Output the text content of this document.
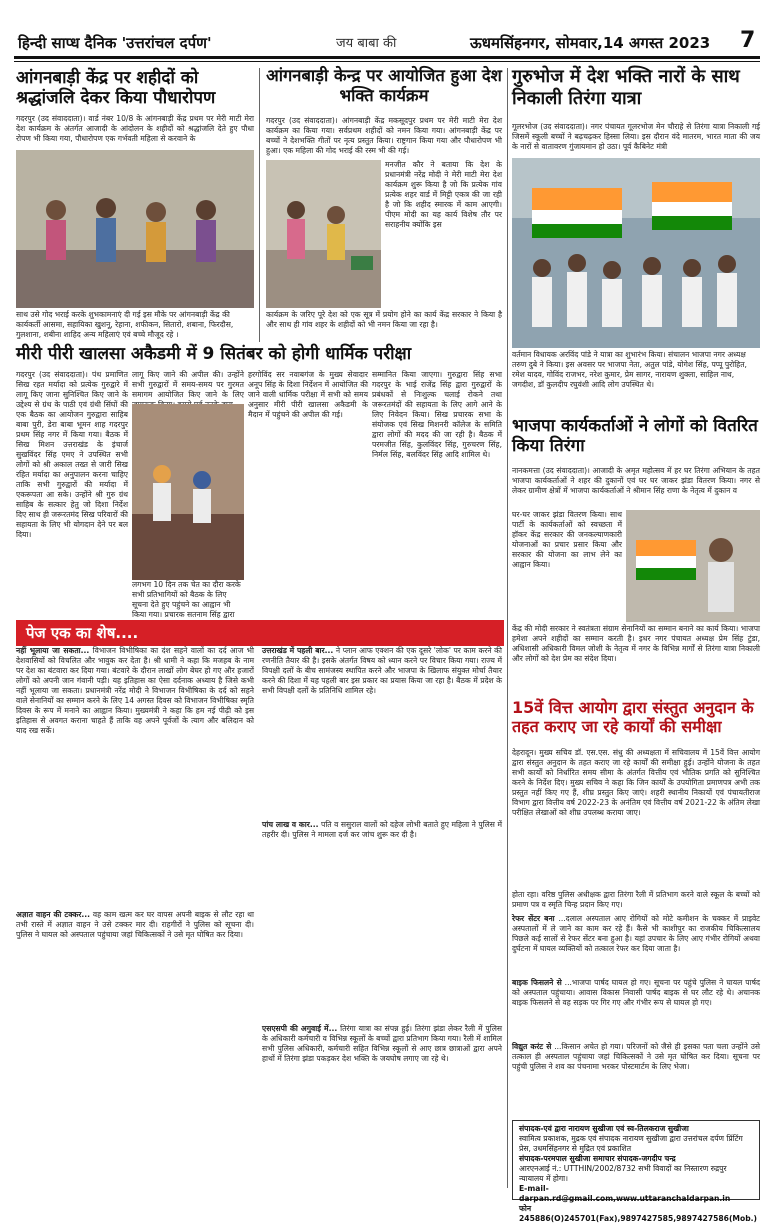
हिन्दी साप्ध दैनिक 'उत्तरांचल दर्पण'	जय बाबा की	ऊधमसिंहनगर, सोमवार,14 अगस्त 2023 7
आंगनबाड़ी केंद्र पर शहीदों को श्रद्धांजलि देकर किया पौधारोपण
गदरपुर (उद संवाददाता)। वार्ड नंबर 10/8 के आंगनबाड़ी केंद्र प्रथम पर मेरी माटी मेरा देश कार्यक्रम के अंतर्गत आजादी के आंदोलन के शहीदों को श्रद्धांजलि देते हुए पौधा रोपण भी किया गया, पौधारोपण एक गर्भवती महिला से करवाने के
साथ उसे गोद भराई करके शुभकामनाएं दी गई इस मौके पर आंगनबाड़ी केंद्र की कार्यकर्ती आसमा, सहायिका खुशनू, रेहाना, शफीकन, सितारो, शबाना, फिरदौस, गुलशाना, शबीना शाहिद अन्य महिलाएं एवं बच्चे मौजूद रहे ।
आंगनबाड़ी केन्द्र पर आयोजित हुआ देश भक्ति कार्यक्रम
गदरपुर (उद संवाददाता)। आंगनबाड़ी केंद्र मकसूदपुर प्रथम पर मेरी माटी मेरा देश कार्यक्रम का किया गया। सर्वप्रथम शहीदों को नमन किया गया। आंगनबाड़ी केंद्र पर बच्चों ने देशभक्ति गीतों पर नृत्य प्रस्तुत किया। राष्ट्रगान किया गया और पौधारोपण भी हुआ। एक महिला की गोद भराई की रस्म भी की गई।
मनजीत कौर ने बताया कि देश के प्रधानमंत्री नरेंद्र मोदी ने मेरी माटी मेरा देश कार्यक्रम शुरू किया है जो कि प्रत्येक गांव प्रत्येक शहर वार्ड में मिट्टी एकत्र की जा रही है जो कि शहीद स्मारक में काम आएगी। पीएम मोदी का यह कार्य विशेष तौर पर सराहनीय क्योंकि इस
कार्यक्रम के जरिए पूरे देश को एक सूत्र में प्रयोग होने का कार्य केंद्र सरकार ने किया है और साथ ही गांव शहर के शहीदों को भी नमन किया जा रहा है।
गुरुभोज में देश भक्ति नारों के साथ निकाली तिरंगा यात्रा
गूलरभोज (उद संवाददाता)। नगर पंचायत गूलरभोज मेन चौराहे से तिरंगा यात्रा निकाली गई जिसमें स्कूली बच्चों ने बढ़चढ़कर हिस्सा लिया। इस दौरान वंदे मातरम, भारत माता की जय के नारों से वातावरण गुंजायमान हो उठा। पूर्व कैबिनेट मंत्री
वर्तमान विधायक अरविंद पांडे ने यात्रा का शुभारंभ किया। संचालन भाजपा नगर अध्यक्ष तरुण दुबे ने किया। इस अवसर पर भाजपा नेता, अतुल पांडे, योगेश सिंह, पप्पू पुरोहित, रमेश यादव, गोविंद राजभर, नरेश कुमार, प्रेम सागर, नारायण शुक्ला, साहिल नाथ, जगदीश, डॉ कुलदीप रघुवंशी आदि लोग उपस्थित थे।
मीरी पीरी खालसा अकैडमी में 9 सितंबर को होगी धार्मिक परीक्षा
गदरपुर (उद संवाददाता)। पंथ प्रमाणित सिख रहत मर्यादा को प्रत्येक गुरुद्वारे में लागू किए जाना सुनिश्चित किए जाने के उद्देश्य से ग्रंथ के पाठी एवं ग्रंथी सिंघों की एक बैठक का आयोजन गुरुद्वारा साहिब बाबा पुरी, डेरा बाबा भूमन शाह गदरपुर प्रथम सिंह नगर में किया गया। बैठक में सिख मिशन उत्तराखंड के इंचार्ज सुखविंदर सिंह एमए ने उपस्थित सभी लोगों को श्री अकाल तख्त से जारी सिख रहित मर्यादा का अनुपालन करना चाहिए ताकि सभी गुरुद्वारों की मर्यादा में एकरूपता आ सके। उन्होंने श्री गुरु ग्रंथ साहिब के सत्कार हेतु जो दिशा निर्देश दिए साथ ही जरूरतमंद सिख परिवारों की सहायता के लिए भी योगदान देने पर बल दिया।
लागू किए जाने की अपील की। उन्होंने सभी गुरुद्वारों में समय-समय पर गुरमत समागम आयोजित किए जाने के लिए
लगभग 10 दिन तक चेत का दौरा करके सभी प्रतिभागियों को बैठक के लिए सूचना देते हुए पहुंचने का आह्वान भी किया गया। प्रचारक सतनाम सिंह द्वारा
हरगोविंद सर नवाबगंज के मुख्य सेवादार अनूप सिंह के दिशा निर्देशन में आयोजित की जाने वाली धार्मिक परीक्षा में सभी को समय अनुसार मीरी पीरी खालसा अकैडमी के मैदान में पहुंचने की अपील की गई।
सम्मानित किया जाएगा। गुरुद्वारा सिंह सभा गदरपुर के भाई राजेंद्र सिंह द्वारा गुरुद्वारों के प्रबंधकों से निःशुल्क चलाई रोकने तथा जरूरतमंदों की सहायता के लिए आगे आने के लिए निवेदन किया। सिख प्रचारक सभा के संयोजक एवं सिख मिशनरी कॉलेज के समिति द्वारा लोगों की मदद की जा रही है। बैठक में परमजीत सिंह, कुलविंदर सिंह, गुरुचरण सिंह, निर्मल सिंह, बलविंदर सिंह आदि शामिल थे।
भाजपा कार्यकर्ताओं ने लोगों को वितरित किया तिरंगा
नानकमत्ता (उद संवाददाता)। आजादी के अमृत महोत्सव में हर घर तिरंगा अभियान के तहत भाजपा कार्यकर्ताओं ने शहर की दुकानों एवं घर घर जाकर झंडा वितरण किया। नगर से लेकर ग्रामीण क्षेत्रों में भाजपा कार्यकर्ताओं ने श्रीमान सिंह राणा के नेतृत्व में दुकान व
घर-घर जाकर झंडा वितरण किया। साथ पार्टी के कार्यकर्ताओं को स्वच्छता में हॉकर केंद्र सरकार की जनकल्याणकारी योजनाओं का प्रचार प्रसार किया और सरकार की योजना का लाभ लेने का आह्वान किया।
केंद्र की मोदी सरकार ने स्वतंत्रता संग्राम सेनानियों का सम्मान बनाने का कार्य किया। भाजपा हमेशा अपने शहीदों का सम्मान करती है। इधर नगर पंचायत अध्यक्ष प्रेम सिंह टुंडा, अधिशासी अधिकारी विमल जोशी के नेतृत्व में नगर के विभिन्न मार्गों से तिरंगा यात्रा निकाली और लोगों को देश प्रेम का संदेश दिया।
पेज एक का शेष....
नहीं भूलाया जा सकता... विभाजन विभीषिका का दंश सहने वालों का दर्द आज भी देशवासियों को विचलित और भावुक कर देता है। श्री धामी ने कहा कि मजहब के नाम पर देश का बंटवारा कर दिया गया। बंटवारे के दौरान लाखों लोग बेघर हो गए और हजारों लोगों को अपनी जान गंवानी पड़ी। यह इतिहास का ऐसा दर्दनाक अध्याय है जिसे कभी नहीं भूलाया जा सकता। प्रधानमंत्री नरेंद्र मोदी ने विभाजन विभीषिका के दर्द को सहने वाले सेनानियों का सम्मान करने के लिए 14 अगस्त दिवस को विभाजन विभीषिका स्मृति दिवस के रूप में मनाने का आह्वान किया। मुख्यमंत्री ने कहा कि हम नई पीढ़ी को इस इतिहास से अवगत कराना चाहते हैं ताकि वह अपने पूर्वजों के त्याग और बलिदान को याद रख सकें।
अज्ञात वाहन की टक्कर... वह काम खत्म कर घर वापस अपनी बाइक से लौट रहा था तभी रास्ते में अज्ञात वाहन ने उसे टक्कर मार दी। राहगीरों ने पुलिस को सूचना दी। पुलिस ने घायल को अस्पताल पहुंचाया जहां चिकित्सकों ने उसे मृत घोषित कर दिया।
उत्तराखंड में पहली बार... ने प्लान आफ एक्शन की एक दूसरे 'लोक' पर काम करने की रणनीति तैयार की है। इसके अंतर्गत विषय को ध्यान करने पर विचार किया गया। राज्य में विपक्षी दलों के बीच सामंजस्य स्थापित करने और भाजपा के खिलाफ संयुक्त मोर्चा तैयार करने की दिशा में यह पहली बार इस प्रकार का प्रयास किया जा रहा है। बैठक में प्रदेश के सभी विपक्षी दलों के प्रतिनिधि शामिल रहे।
पांच लाख व कार... पति व ससुराल वालों को दहेज लोभी बताते हुए महिला ने पुलिस में तहरीर दी। पुलिस ने मामला दर्ज कर जांच शुरू कर दी है।
एसएसपी की अगुवाई में... तिरंगा यात्रा का संपन्न हुई। तिरंगा झंडा लेकर रैली में पुलिस के अधिकारी कर्मचारी व विभिन्न स्कूलों के बच्चों द्वारा प्रतिभाग किया गया। रैली में शामिल सभी पुलिस अधिकारी, कर्मचारी सहित विभिन्न स्कूलों से आए छात्र छात्राओं द्वारा अपने हाथों में तिरंगा झंडा पकड़कर देश भक्ति के जयघोष लगाए जा रहे थे।
15वें वित्त आयोग द्वारा संस्तुत अनुदान के तहत कराए जा रहे कार्यों की समीक्षा
देहरादून। मुख्य सचिव डॉ. एस.एस. संधु की अध्यक्षता में सचिवालय में 15वें वित्त आयोग द्वारा संस्तुत अनुदान के तहत कराए जा रहे कार्यों की समीक्षा हुई। उन्होंने योजना के तहत सभी कार्यों को निर्धारित समय सीमा के अंतर्गत वित्तीय एवं भौतिक प्रगति को सुनिश्चित करने के निर्देश दिए। मुख्य सचिव ने कहा कि जिन कार्यों के उपयोगिता प्रमाणपत्र अभी तक प्रस्तुत नहीं किए गए हैं, शीघ्र प्रस्तुत किए जाएं। शहरी स्थानीय निकायों एवं पंचायतीराज विभाग द्वारा वित्तीय वर्ष 2022-23 के अनंतिम एवं वित्तीय वर्ष 2021-22 के अंतिम लेखा परीक्षित लेखाओं को शीघ्र उपलब्ध कराया जाए।
होता रहा। वरिष्ठ पुलिस अधीक्षक द्वारा तिरंगा रैली में प्रतिभाग करने वाले स्कूल के बच्चों को प्रमाण पत्र व स्मृति चिन्ह प्रदान किए गए।
रेफर सेंटर बना ...दलाल अस्पताल आए रोगियों को मोटे कमीशन के चक्कर में प्राइवेट अस्पतालों में ले जाने का काम कर रहे हैं। कैसे भी काशीपुर का राजकीय चिकित्सालय पिछले कई सालों से रेफर सेंटर बना हुआ है। यहां उपचार के लिए आए गंभीर रोगियों अथवा दुर्घटना में घायल व्यक्तियों को तत्काल रेफर कर दिया जाता है।
बाइक फिसलने से ...भाजपा पार्षद घायल हो गए। सूचना पर पहुंचे पुलिस ने घायल पार्षद को अस्पताल पहुंचाया। आवास विकास निवासी पार्षद बाइक से घर लौट रहे थे। अचानक बाइक फिसलने से वह सड़क पर गिर गए और गंभीर रूप से घायल हो गए।
विद्युत करंट से ...किसान अचेत हो गया। परिजनों को जैसे ही इसका पता चला उन्होंने उसे तत्काल ही अस्पताल पहुंचाया जहां चिकित्सकों ने उसे मृत घोषित कर दिया। सूचना पर पहुंची पुलिस ने शव का पंचनामा भरकर पोस्टमार्टम के लिए भेजा।
संपादक-एवं द्वारा नारायण सुखीजा एवं स्व-तिलकराज सुखीजा
स्वामित्व प्रकाशक, मुद्रक एवं संपादक नारायण सुखीजा द्वारा उत्तरांचल दर्पण प्रिंटिंग प्रेस, उधमसिंहनगर से मुद्रित एवं प्रकाशित
संपादक-परमपाल सुखीजा समाचार संपादक-जगदीप चन्द्र
आरएनआई नं.: UTTHIN/2002/8732 सभी विवादों का निस्तारण रुद्रपुर न्यायालय में होगा।
E-mail-darpan.rd@gmail.com,www.uttaranchaldarpan.in
फोन 245886(O)245701(Fax),9897427585,9897427586(Mob.)
